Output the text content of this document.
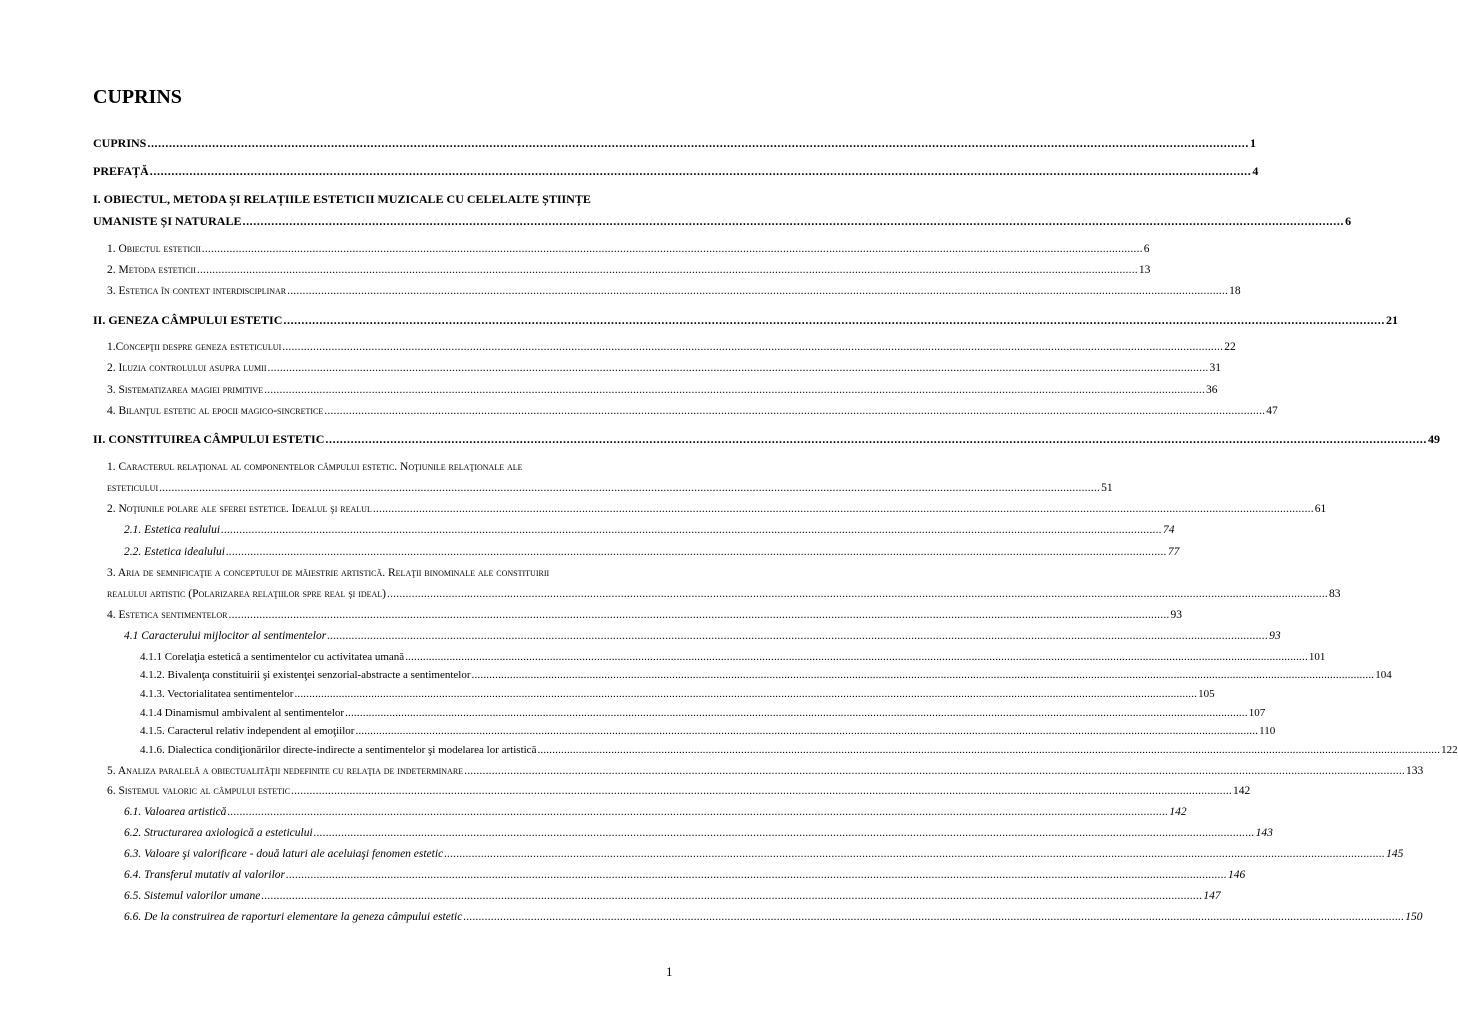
CUPRINS
CUPRINS .....	1
PREFAȚĂ .....	4
I. OBIECTUL, METODA ȘI RELAȚIILE ESTETICII MUZICALE CU CELELALTE ȘTIINȚE
UMANISTE ȘI NATURALE .....	6
1. Obiectul esteticii .....	6
2. Metoda esteticii .....	13
3. Estetica în context interdisciplinar .....	18
II. GENEZA CÂMPULUI ESTETIC .....	21
1.Concepţii despre geneza esteticului .....	22
2. Iluzia controlului asupra lumii .....	31
3. Sistematizarea magiei primitive .....	36
4. Bilanţul estetic al epocii magico-sincretice .....	47
II. CONSTITUIREA CÂMPULUI ESTETIC .....	49
1. Caracterul relaţional al componentelor câmpului estetic. Noţiunile relaţionale ale
esteticului .....	51
2. Noţiunile polare ale sferei estetice. Idealul şi realul .....	61
2.1. Estetica realului .....	74
2.2. Estetica idealului .....	77
3. Aria de semnificaţie a conceptului de măiestrie artistică. Relaţii binominale ale constituirii
realului artistic (Polarizarea relaţiilor spre real şi ideal) .....	83
4. Estetica sentimentelor .....	93
4.1 Caracterului mijlocitor al sentimentelor .....	93
4.1.1 Corelaţia estetică a sentimentelor cu activitatea umană .....	101
4.1.2. Bivalenţa constituirii şi existenţei senzorial-abstracte a sentimentelor .....	104
4.1.3. Vectorialitatea sentimentelor .....	105
4.1.4 Dinamismul ambivalent al sentimentelor .....	107
4.1.5. Caracterul relativ independent al emoţiilor .....	110
4.1.6. Dialectica condiţionărilor directe-indirecte a sentimentelor şi modelarea lor artistică .....	122
5. Analiza paralelă a obiectualităţii nedefinite cu relaţia de indeterminare .....	133
6. Sistemul valoric al câmpului estetic .....	142
6.1. Valoarea artistică .....	142
6.2. Structurarea axiologică a esteticului .....	143
6.3. Valoare şi valorificare - două laturi ale aceluiaşi fenomen estetic .....	145
6.4. Transferul mutativ al valorilor .....	146
6.5. Sistemul valorilor umane .....	147
6.6. De la construirea de raporturi elementare la geneza câmpului estetic .....	150
1
